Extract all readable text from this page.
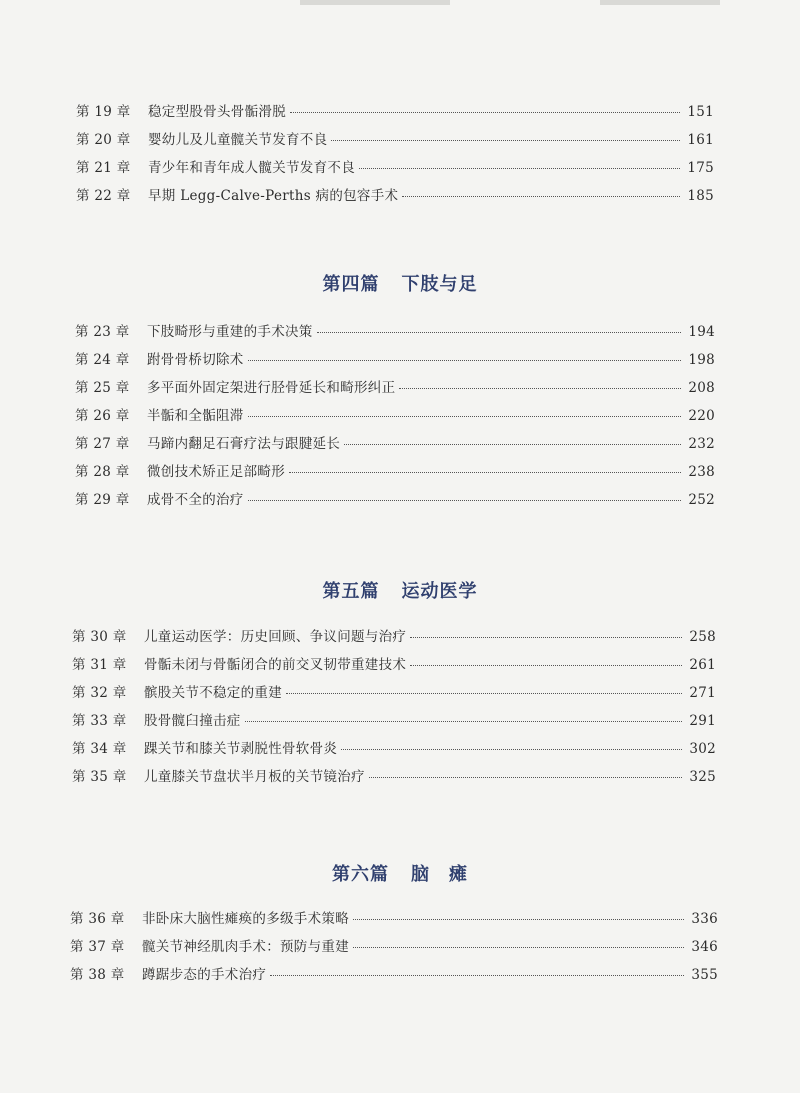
第 19 章	稳定型股骨头骨骺滑脱	151
第 20 章	婴幼儿及儿童髋关节发育不良	161
第 21 章	青少年和青年成人髋关节发育不良	175
第 22 章	早期 Legg-Calve-Perths 病的包容手术	185
第四篇 下肢与足
第 23 章	下肢畸形与重建的手术决策	194
第 24 章	跗骨骨桥切除术	198
第 25 章	多平面外固定架进行胫骨延长和畸形纠正	208
第 26 章	半骺和全骺阻滞	220
第 27 章	马蹄内翻足石膏疗法与跟腱延长	232
第 28 章	微创技术矫正足部畸形	238
第 29 章	成骨不全的治疗	252
第五篇 运动医学
第 30 章	儿童运动医学：历史回顾、争议问题与治疗	258
第 31 章	骨骺未闭与骨骺闭合的前交叉韧带重建技术	261
第 32 章	髌股关节不稳定的重建	271
第 33 章	股骨髋臼撞击症	291
第 34 章	踝关节和膝关节剥脱性骨软骨炎	302
第 35 章	儿童膝关节盘状半月板的关节镜治疗	325
第六篇 脑　瘫
第 36 章	非卧床大脑性瘫痪的多级手术策略	336
第 37 章	髋关节神经肌肉手术：预防与重建	346
第 38 章	蹲踞步态的手术治疗	355
